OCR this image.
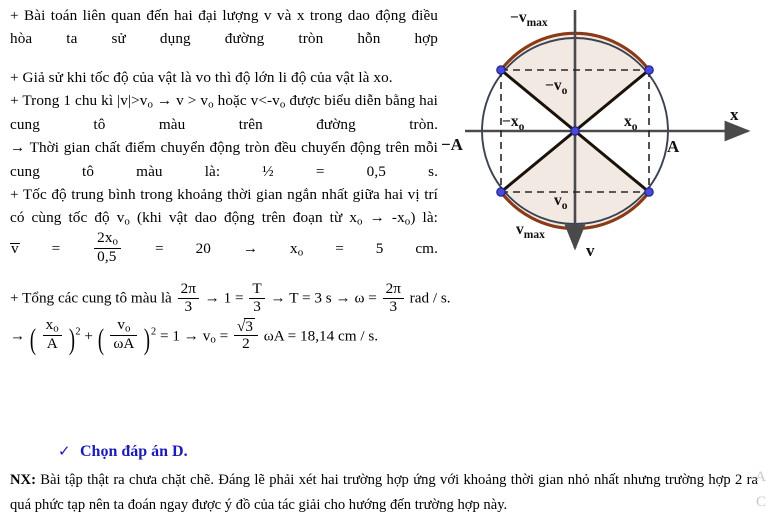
+ Bài toán liên quan đến hai đại lượng v và x trong dao động điều hòa ta sử dụng đường tròn hỗn hợp

+ Giả sử khi tốc độ của vật là vo thì độ lớn li độ của vật là xo.

+ Trong 1 chu kì $|v|>v_o \to v > v_o$ hoặc $v<-v_o$ được biểu diễn bằng hai cung tô màu trên đường tròn.

→ Thời gian chất điểm chuyển động tròn đều chuyển động trên mỗi cung tô màu là: ½ = 0,5 s.

+ Tốc độ trung bình trong khoảng thời gian ngắn nhất giữa hai vị trí có cùng tốc độ $v_o$ (khi vật dao động trên đoạn từ $x_o \to -x_o$) là: $v = \frac{2x_o}{0,5} = 20 \to x_o = 5$ cm.

+ Tổng các cung tô màu là $\frac{2\pi}{3} \to 1 = \frac{T}{3} \to T = 3$ $s \to \omega = \frac{2\pi}{3}$ rad / s.
→ ( $\frac{x_o}{A} )^2$ + ( $\frac{v_o}{\omega A} )^2 = 1 \to v_o = \frac{√3}{2}$ ωA = 18,14 cm / s.
✓ Chọn đáp án D.
NX: Bài tập thật ra chưa chặt chẽ. Đáng lẽ phải xét hai trường hợp ứng với khoảng thời gian nhỏ nhất nhưng trường hợp 2 ra quá phức tạp nên ta đoán ngay được ý đồ của tác giải cho hướng đến trường hợp này.
A
C
$-v_{max}$
$-v_o$
$v_o$
$v_{max}$
$-x_o$	$x_o$
−A	A
x
v
